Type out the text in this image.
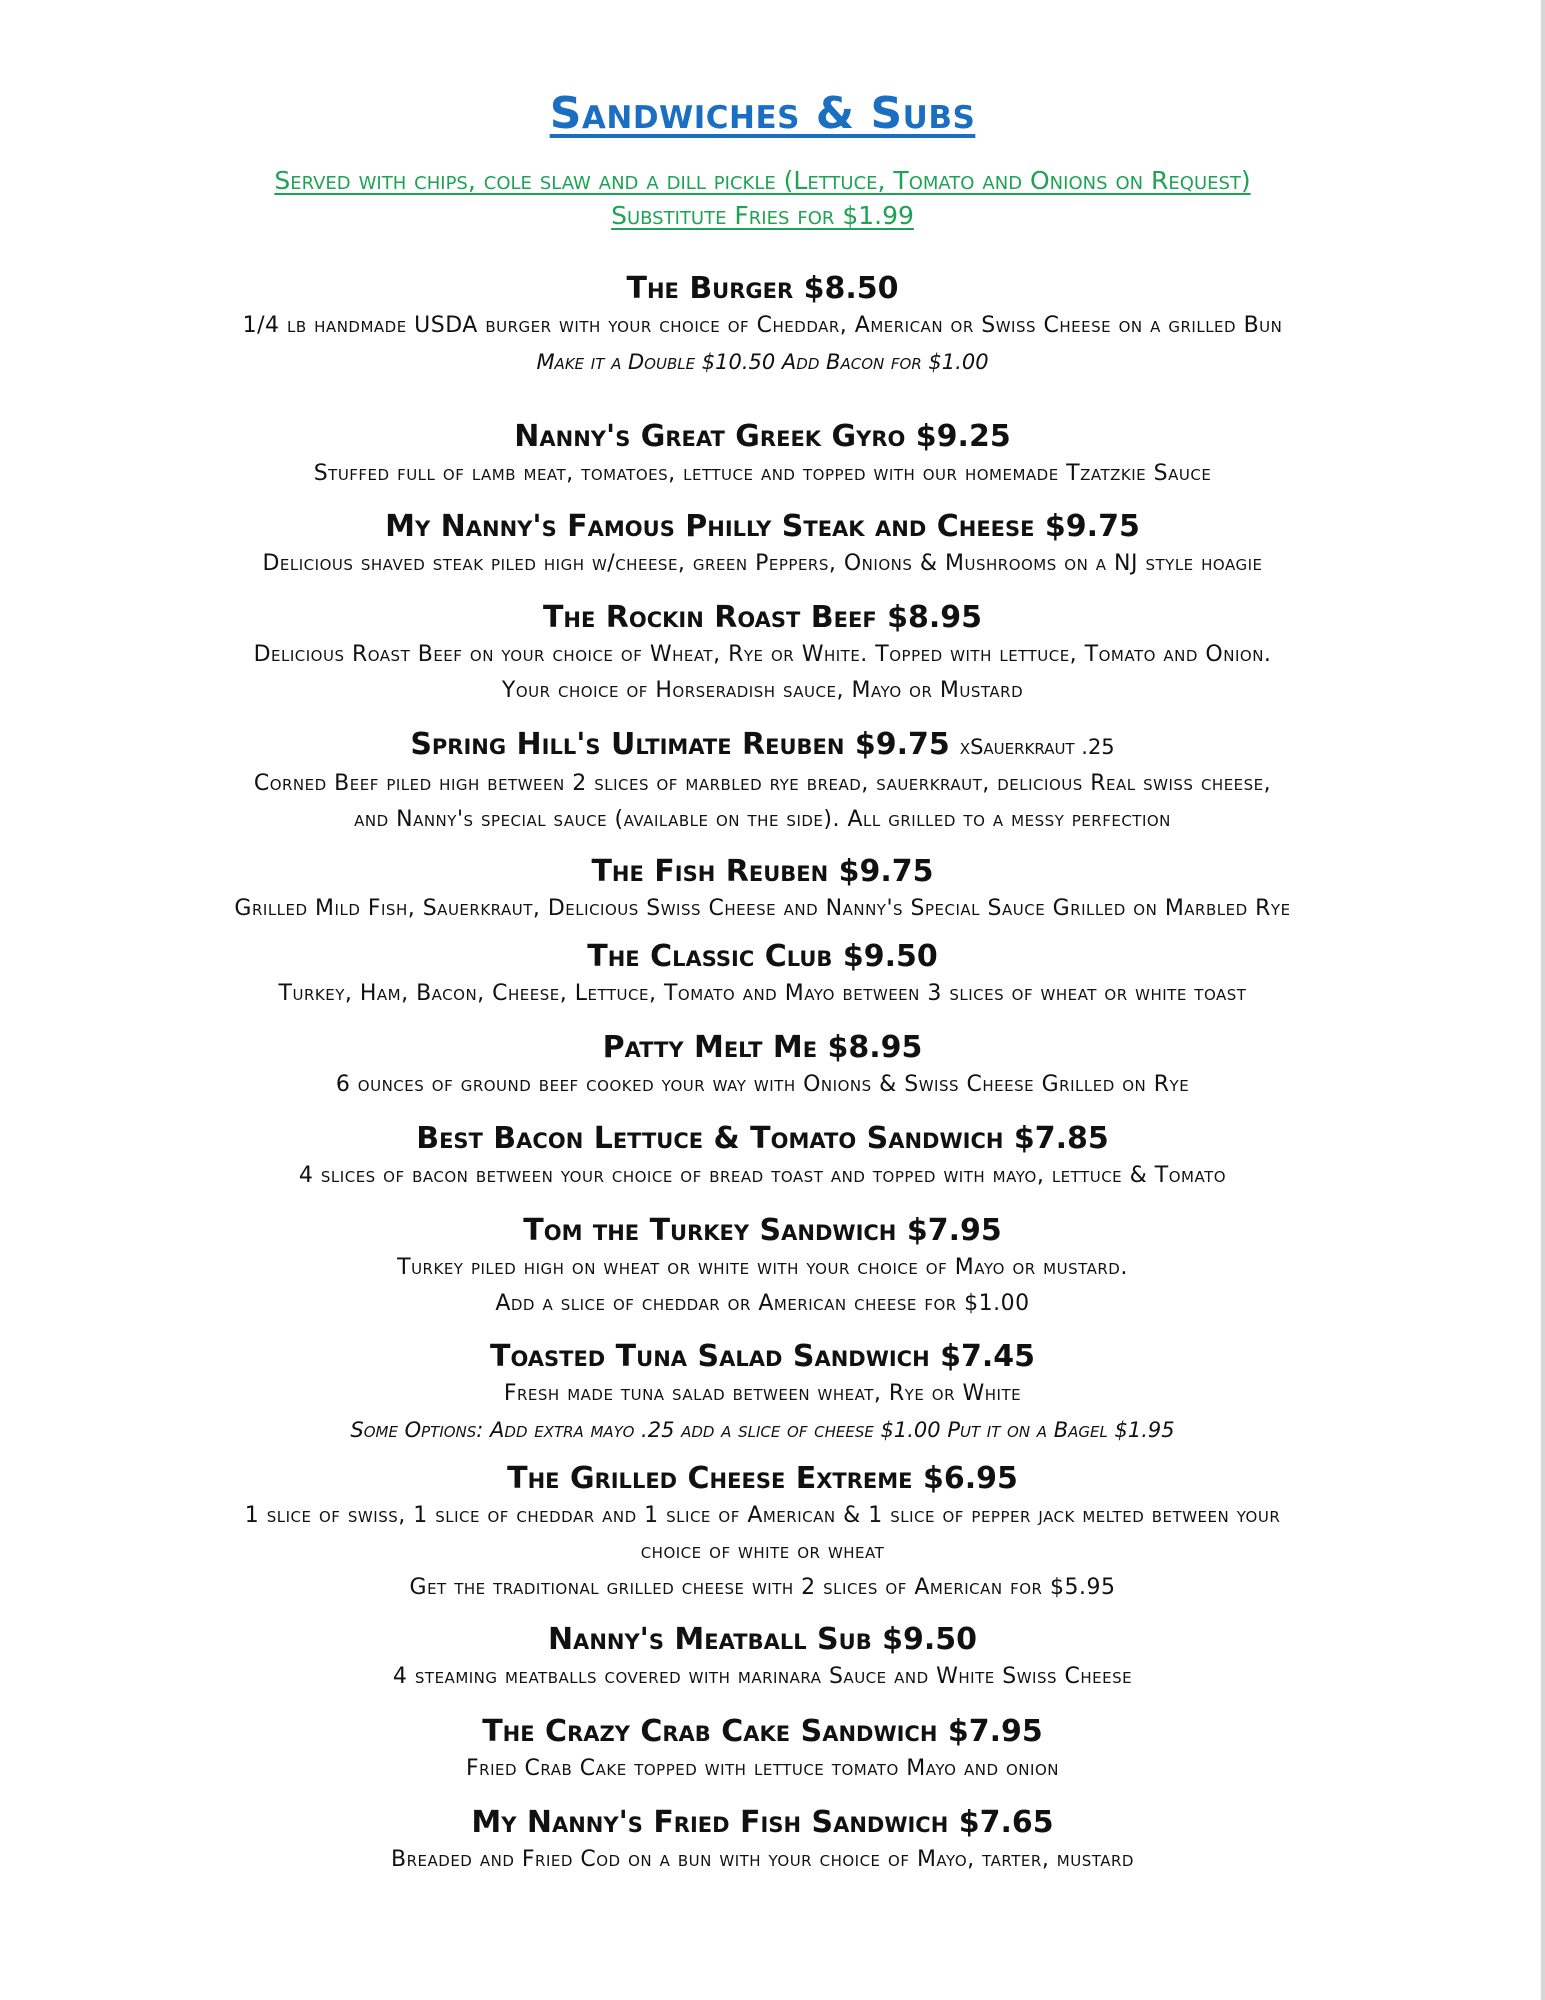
Sandwiches & Subs

Served with chips, cole slaw and a dill pickle (Lettuce, Tomato and Onions on Request)

Substitute Fries for $1.99

The Burger $8.50

1/4 lb handmade USDA burger with your choice of Cheddar, American or Swiss Cheese on a grilled Bun

Make it a Double $10.50 Add Bacon for $1.00

Nanny's Great Greek Gyro $9.25

Stuffed full of lamb meat, tomatoes, lettuce and topped with our homemade Tzatzkie Sauce

My Nanny's Famous Philly Steak and Cheese $9.75

Delicious shaved steak piled high w/cheese, green Peppers, Onions & Mushrooms on a NJ style hoagie

The Rockin Roast Beef $8.95

Delicious Roast Beef on your choice of Wheat, Rye or White. Topped with lettuce, Tomato and Onion.

Your choice of Horseradish sauce, Mayo or Mustard

Spring Hill's Ultimate Reuben $9.75 xSauerkraut .25

Corned Beef piled high between 2 slices of marbled rye bread, sauerkraut, delicious Real swiss cheese,

and Nanny's special sauce (available on the side). All grilled to a messy perfection

The Fish Reuben $9.75

Grilled Mild Fish, Sauerkraut, Delicious Swiss Cheese and Nanny's Special Sauce Grilled on Marbled Rye

The Classic Club $9.50

Turkey, Ham, Bacon, Cheese, Lettuce, Tomato and Mayo between 3 slices of wheat or white toast

Patty Melt Me $8.95

6 ounces of ground beef cooked your way with Onions & Swiss Cheese Grilled on Rye

Best Bacon Lettuce & Tomato Sandwich $7.85

4 slices of bacon between your choice of bread toast and topped with mayo, lettuce & Tomato

Tom the Turkey Sandwich $7.95

Turkey piled high on wheat or white with your choice of Mayo or mustard.

Add a slice of cheddar or American cheese for $1.00

Toasted Tuna Salad Sandwich $7.45

Fresh made tuna salad between wheat, Rye or White

Some Options: Add extra mayo .25 add a slice of cheese $1.00 Put it on a Bagel $1.95

The Grilled Cheese Extreme $6.95

1 slice of swiss, 1 slice of cheddar and 1 slice of American & 1 slice of pepper jack melted between your

choice of white or wheat

Get the traditional grilled cheese with 2 slices of American for $5.95

Nanny's Meatball Sub $9.50

4 steaming meatballs covered with marinara Sauce and White Swiss Cheese

The Crazy Crab Cake Sandwich $7.95

Fried Crab Cake topped with lettuce tomato Mayo and onion

My Nanny's Fried Fish Sandwich $7.65

Breaded and Fried Cod on a bun with your choice of Mayo, tarter, mustard
